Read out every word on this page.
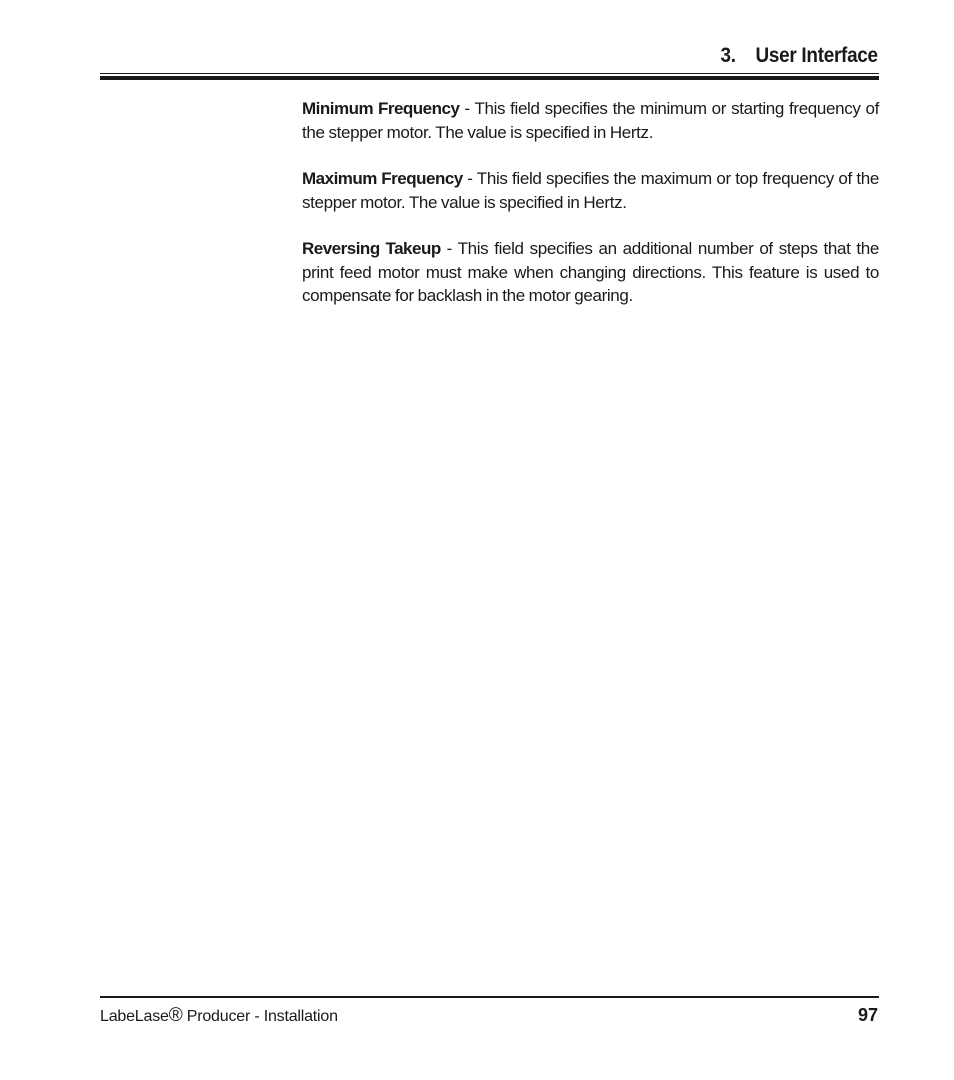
3. User Interface

Minimum Frequency - This field specifies the minimum or starting frequency of the stepper motor. The value is specified in Hertz.

Maximum Frequency - This field specifies the maximum or top frequency of the stepper motor. The value is specified in Hertz.

Reversing Takeup - This field specifies an additional number of steps that the print feed motor must make when changing directions. This feature is used to compensate for backlash in the motor gearing.

LabeLase® Producer - Installation	97
